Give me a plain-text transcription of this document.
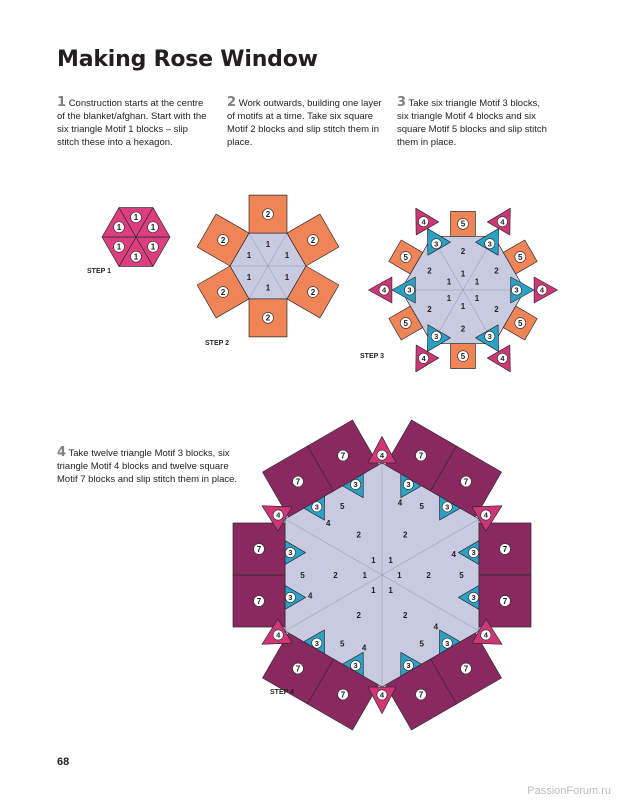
Making Rose Window

1 Construction starts at the centre of the blanket/afghan. Start with the six triangle Motif 1 blocks – slip stitch these into a hexagon.

2 Work outwards, building one layer of motifs at a time. Take six square Motif 2 blocks and slip stitch them in place.

3 Take six triangle Motif 3 blocks, six triangle Motif 4 blocks and six square Motif 5 blocks and slip stitch them in place.

4 Take twelve triangle Motif 3 blocks, six triangle Motif 4 blocks and twelve square Motif 7 blocks and slip stitch them in place.

1
1
1
1
1
1
STEP 1
1
1
1
1
1
1
2
2
2
2
2
2
STEP 2
1
2
1
2
1
2
1
2	1
2
1
2
5
5
5
5
5
5
3	4
3
4
3
4
3
4
3
4
3
4
STEP 3
1
2
5
4
1
2
5 4
1
2
5
4
1
2
5
4
1
2
5
4
1	2	5
4
3
3	7
7
3
3
7
7
3
3
7
7
3
3
7
7
3
3
7
7
3
3
7
7
4
4
4
4
4
4
STEP 4
68
PassionForum.ru
